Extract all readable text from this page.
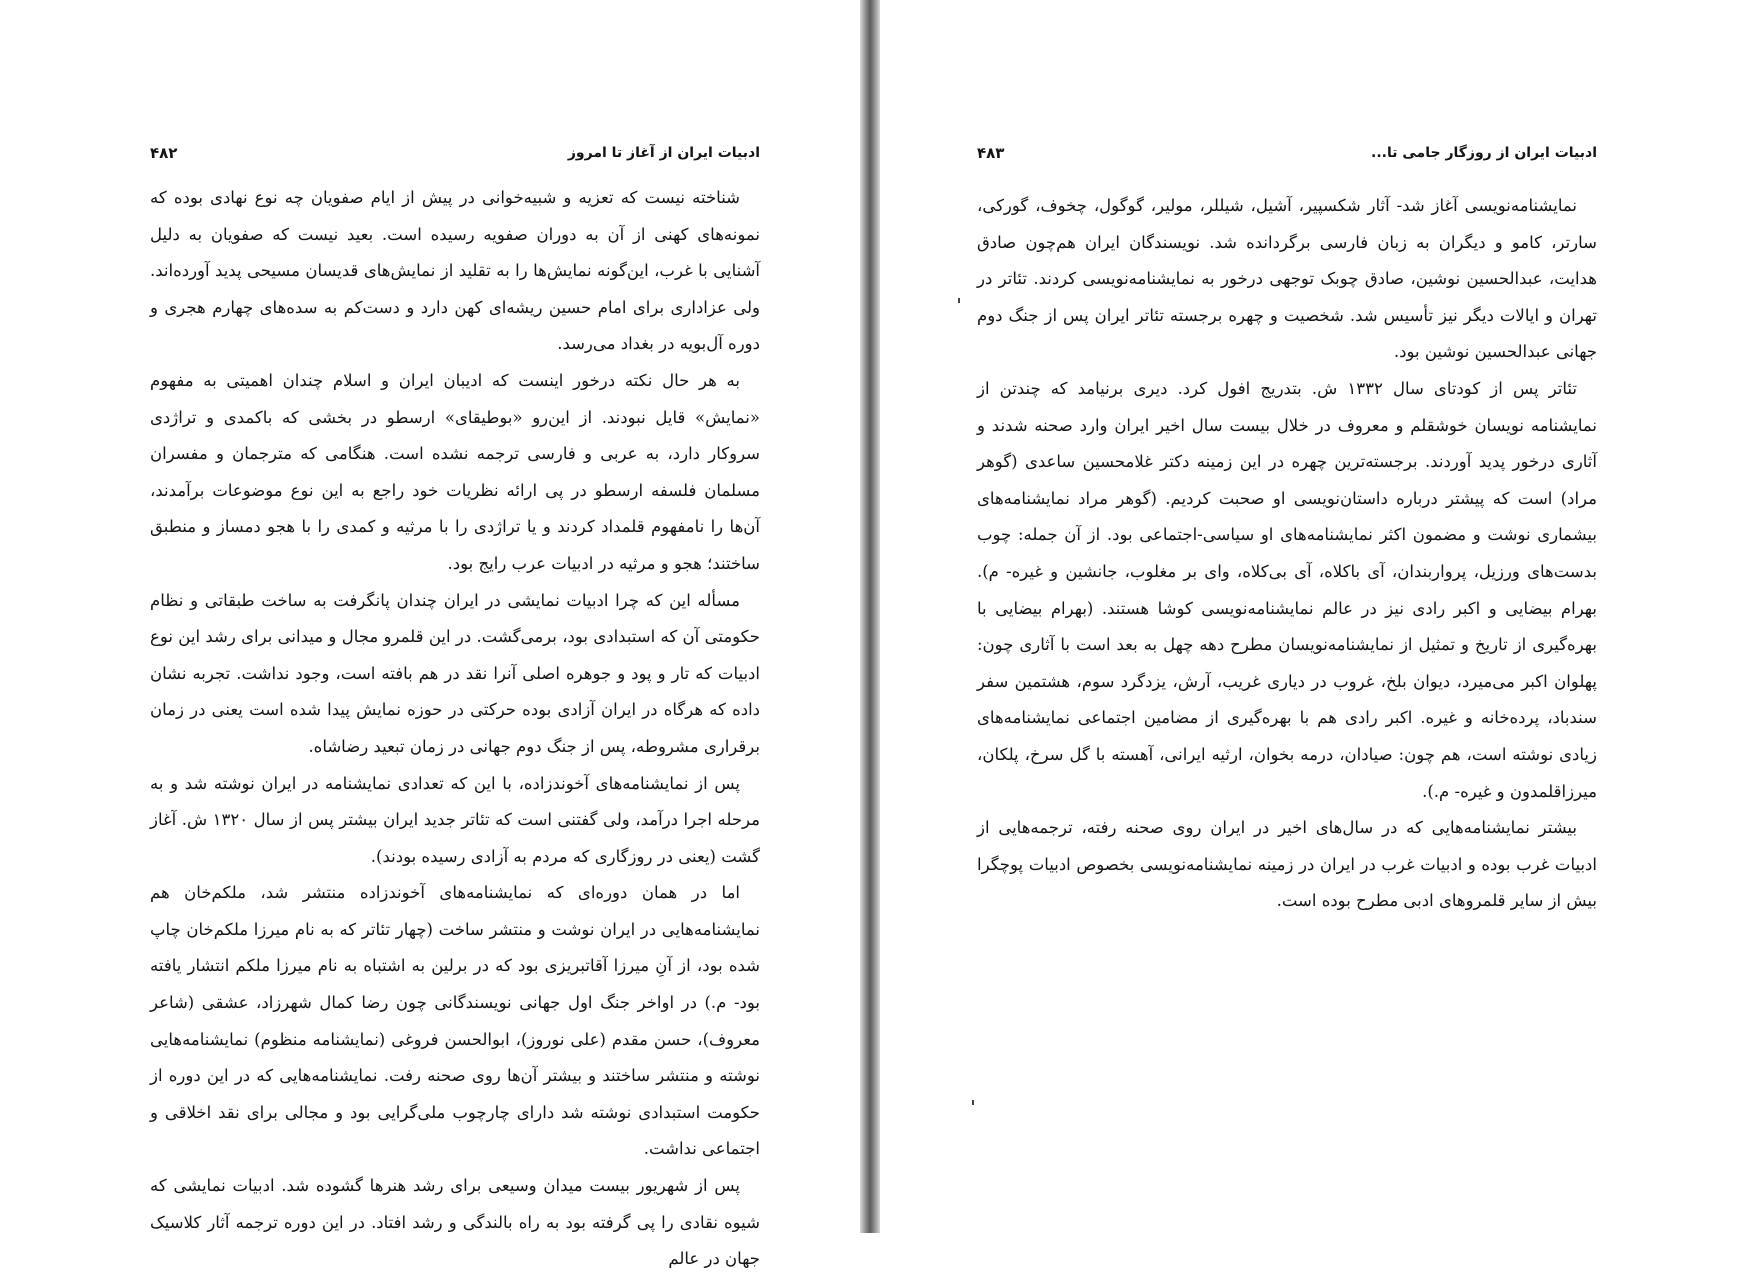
ادبیات ایران از آغاز تا امروز
۴۸۲

شناخته نیست که تعزیه و شبیه‌خوانی در پیش از ایام صفویان چه نوع نهادی بوده که نمونه‌های کهنی از آن به دوران صفویه رسیده است. بعید نیست که صفویان به دلیل آشنایی با غرب، این‌گونه نمایش‌ها را به تقلید از نمایش‌های قدیسان مسیحی پدید آورده‌اند. ولی عزاداری برای امام حسین ریشه‌ای کهن دارد و دست‌کم به سده‌های چهارم هجری و دوره آل‌بویه در بغداد می‌رسد.

به هر حال نکته درخور اینست که ادیبان ایران و اسلام چندان اهمیتی به مفهوم «نمایش» قایل نبودند. از این‌رو «بوطیقای» ارسطو در بخشی که باکمدی و تراژدی سروکار دارد، به عربی و فارسی ترجمه نشده است. هنگامی که مترجمان و مفسران مسلمان فلسفه ارسطو در پی ارائه نظریات خود راجع به این نوع موضوعات برآمدند، آن‌ها را نامفهوم قلمداد کردند و یا تراژدی را با مرثیه و کمدی را با هجو دمساز و منطبق ساختند؛ هجو و مرثیه در ادبیات عرب رایج بود.

مسأله این که چرا ادبیات نمایشی در ایران چندان پانگرفت به ساخت طبقاتی و نظام حکومتی آن که استبدادی بود، برمی‌گشت. در این قلمرو مجال و میدانی برای رشد این نوع ادبیات که تار و پود و جوهره اصلی آنرا نقد در هم بافته است، وجود نداشت. تجربه نشان داده که هرگاه در ایران آزادی بوده حرکتی در حوزه نمایش پیدا شده است یعنی در زمان برقراری مشروطه، پس از جنگ دوم جهانی در زمان تبعید رضاشاه.

پس از نمایشنامه‌های آخوندزاده، با این که تعدادی نمایشنامه در ایران نوشته شد و به مرحله اجرا درآمد، ولی گفتنی است که تئاتر جدید ایران بیشتر پس از سال ۱۳۲۰ ش. آغاز گشت (یعنی در روزگاری که مردم به آزادی رسیده بودند).

اما در همان دوره‌ای که نمایشنامه‌های آخوندزاده منتشر شد، ملکم‌خان هم نمایشنامه‌هایی در ایران نوشت و منتشر ساخت (چهار تئاتر که به نام میرزا ملکم‌خان چاپ شده بود، از آنِ میرزا آقاتبریزی بود که در برلین به اشتباه به نام میرزا ملکم انتشار یافته بود- م.) در اواخر جنگ اول جهانی نویسندگانی چون رضا کمال شهرزاد، عشقی (شاعر معروف)، حسن مقدم (علی نوروز)، ابوالحسن فروغی (نمایشنامه منظوم) نمایشنامه‌هایی نوشته و منتشر ساختند و بیشتر آن‌ها روی صحنه رفت. نمایشنامه‌هایی که در این دوره از حکومت استبدادی نوشته شد دارای چارچوب ملی‌گرایی بود و مجالی برای نقد اخلاقی و اجتماعی نداشت.

پس از شهریور بیست میدان وسیعی برای رشد هنرها گشوده شد. ادبیات نمایشی که شیوه نقادی را پی گرفته بود به راه بالندگی و رشد افتاد. در این دوره ترجمه آثار کلاسیک جهان در عالم

ادبیات ایران از روزگار جامی تا...
۴۸۳

نمایشنامه‌نویسی آغاز شد- آثار شکسپیر، آشیل، شیللر، مولیر، گوگول، چخوف، گورکی، سارتر، کامو و دیگران به زبان فارسی برگردانده شد. نویسندگان ایران هم‌چون صادق هدایت، عبدالحسین نوشین، صادق چوبک توجهی درخور به نمایشنامه‌نویسی کردند. تئاتر در تهران و ایالات دیگر نیز تأسیس شد. شخصیت و چهره برجسته تئاتر ایران پس از جنگ دوم جهانی عبدالحسین نوشین بود.

تئاتر پس از کودتای سال ۱۳۳۲ ش. بتدریج افول کرد. دیری برنیامد که چندتن از نمایشنامه نویسان خوشقلم و معروف در خلال بیست سال اخیر ایران وارد صحنه شدند و آثاری درخور پدید آوردند. برجسته‌ترین چهره در این زمینه دکتر غلامحسین ساعدی (گوهر مراد) است که پیشتر درباره داستان‌نویسی او صحبت کردیم. (گوهر مراد نمایشنامه‌های بیشماری نوشت و مضمون اکثر نمایشنامه‌های او سیاسی-اجتماعی بود. از آن جمله: چوب بدست‌های ورزیل، پرواربندان، آی باکلاه، آی بی‌کلاه، وای بر مغلوب، جانشین و غیره- م). بهرام بیضایی و اکبر رادی نیز در عالم نمایشنامه‌نویسی کوشا هستند. (بهرام بیضایی با بهره‌گیری از تاریخ و تمثیل از نمایشنامه‌نویسان مطرح دهه چهل به بعد است با آثاری چون: پهلوان اکبر می‌میرد، دیوان بلخ، غروب در دیاری غریب، آرش، یزدگرد سوم، هشتمین سفر سندباد، پرده‌خانه و غیره. اکبر رادی هم با بهره‌گیری از مضامین اجتماعی نمایشنامه‌های زیادی نوشته است، هم چون: صیادان، درمه بخوان، ارثیه ایرانی، آهسته با گل سرخ، پلکان، میرزاقلمدون و غیره- م.).

بیشتر نمایشنامه‌هایی که در سال‌های اخیر در ایران روی صحنه رفته، ترجمه‌هایی از ادبیات غرب بوده و ادبیات غرب در ایران در زمینه نمایشنامه‌نویسی بخصوص ادبیات پوچگرا بیش از سایر قلمروهای ادبی مطرح بوده است.
